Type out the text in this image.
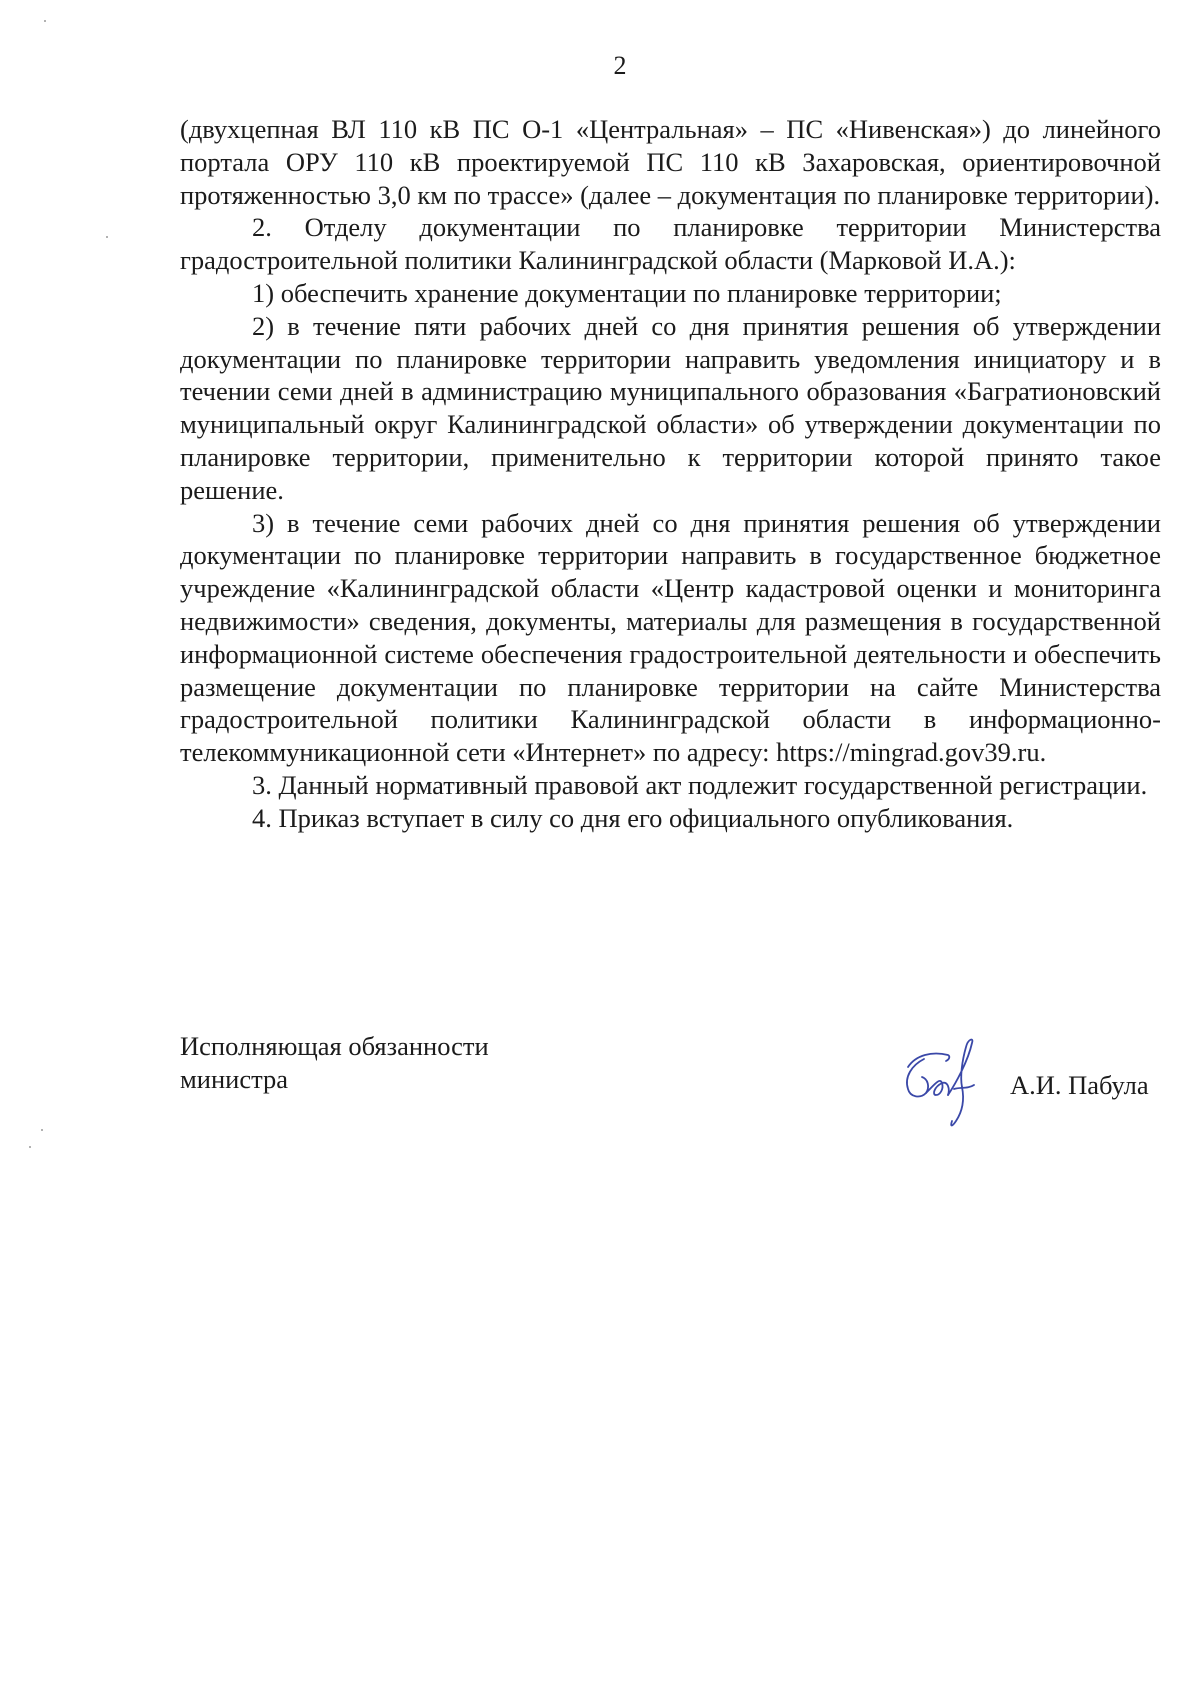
2

(двухцепная ВЛ 110 кВ ПС О-1 «Центральная» – ПС «Нивенская») до линейного портала ОРУ 110 кВ проектируемой ПС 110 кВ Захаровская, ориентировочной протяженностью 3,0 км по трассе» (далее – документация по планировке территории).

2. Отделу документации по планировке территории Министерства градостроительной политики Калининградской области (Марковой И.А.):

1) обеспечить хранение документации по планировке территории;

2) в течение пяти рабочих дней со дня принятия решения об утверждении документации по планировке территории направить уведомления инициатору и в течении семи дней в администрацию муниципального образования «Багратионовский муниципальный округ Калининградской области» об утверждении документации по планировке территории, применительно к территории которой принято такое решение.

3) в течение семи рабочих дней со дня принятия решения об утверждении документации по планировке территории направить в государственное бюджетное учреждение «Калининградской области «Центр кадастровой оценки и мониторинга недвижимости» сведения, документы, материалы для размещения в государственной информационной системе обеспечения градостроительной деятельности и обеспечить размещение документации по планировке территории на сайте Министерства градостроительной политики Калининградской области в информационно-телекоммуникационной сети «Интернет» по адресу: https://mingrad.gov39.ru.

3. Данный нормативный правовой акт подлежит государственной регистрации.

4. Приказ вступает в силу со дня его официального опубликования.

Исполняющая обязанности
министра	А.И. Пабула
